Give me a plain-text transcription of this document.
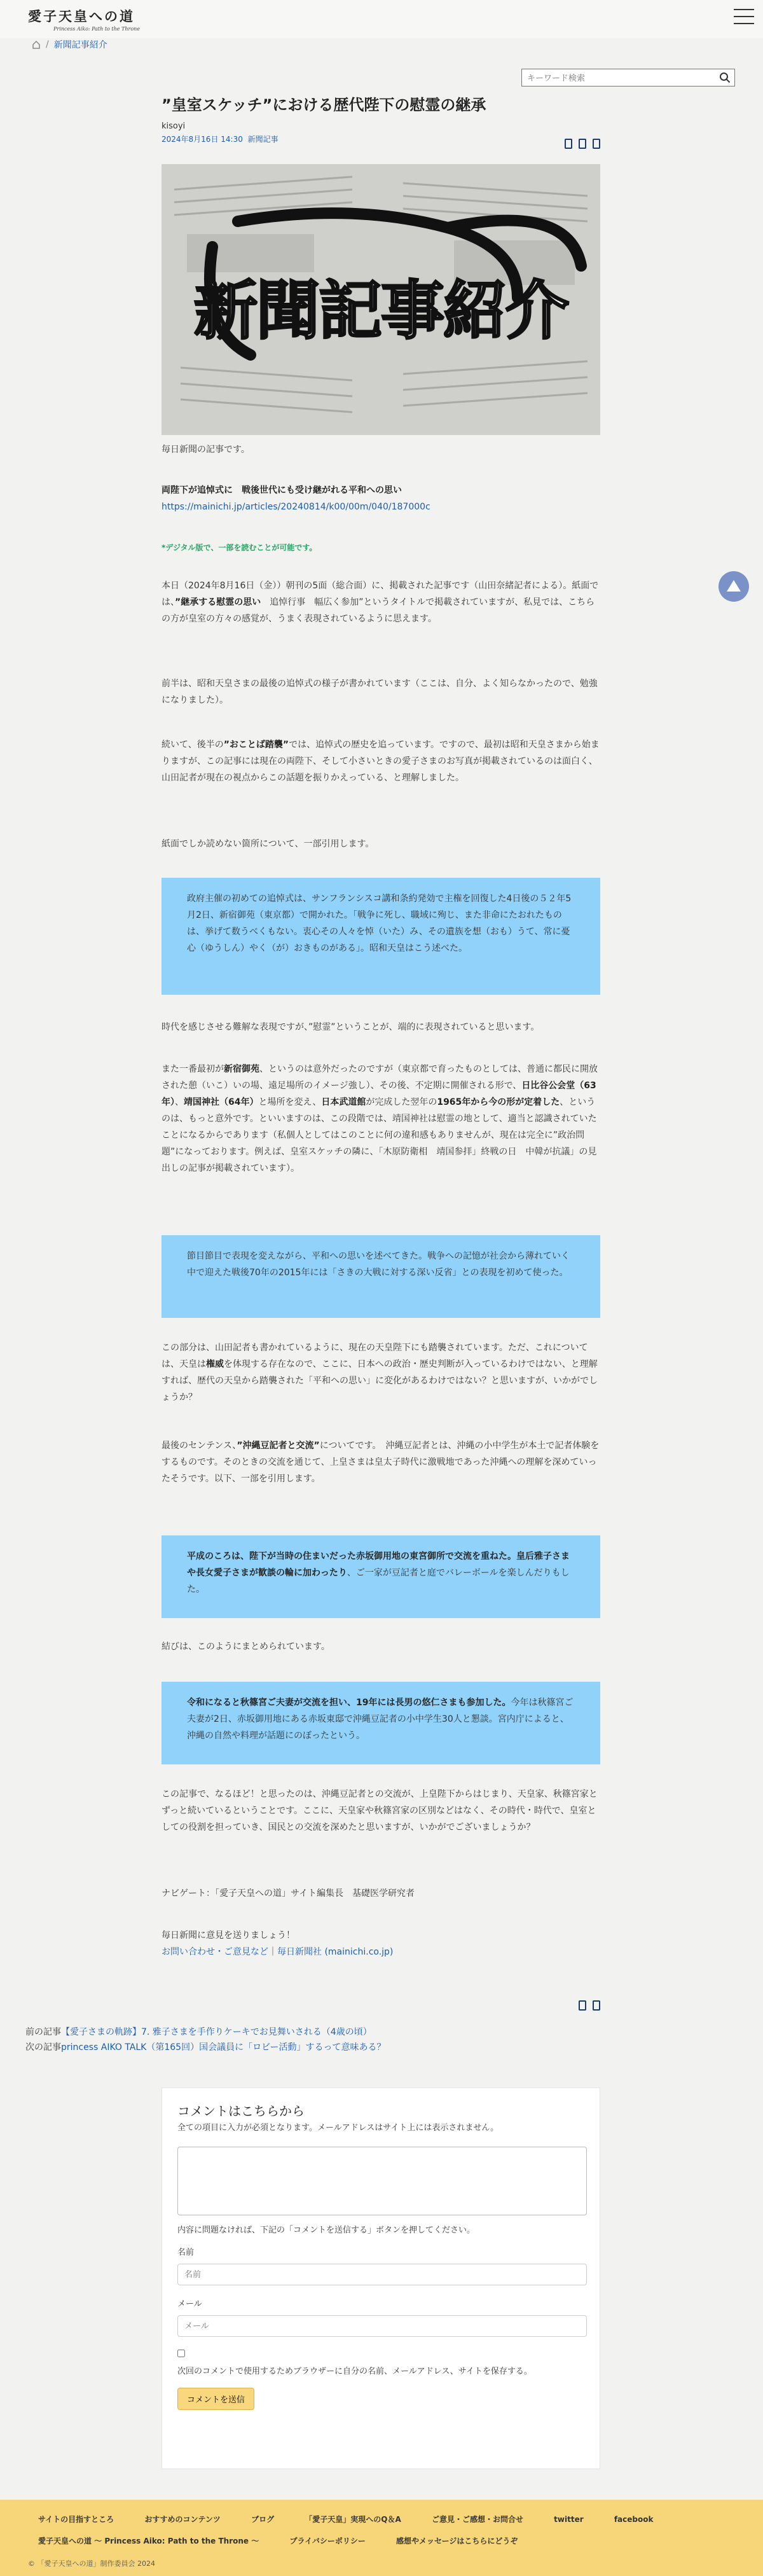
愛子天皇への道
Princess Aiko: Path to the Throne
/ 新聞記事紹介
キーワード検索
”皇室スケッチ”における歴代陛下の慰霊の継承
kisoyi
2024年8月16日 14:30 新聞記事
新聞記事紹介

毎日新聞の記事です。

両陛下が追悼式に　戦後世代にも受け継がれる平和への思い

https://mainichi.jp/articles/20240814/k00/00m/040/187000c

*デジタル版で、一部を読むことが可能です。

本日（2024年8月16日（金））朝刊の5面（総合面）に、掲載された記事です（山田奈緒記者による）。紙面では、”継承する慰霊の思い　追悼行事　幅広く参加”というタイトルで掲載されていますが、私見では、こちらの方が皇室の方々の感覚が、うまく表現されているように思えます。

前半は、昭和天皇さまの最後の追悼式の様子が書かれています（ここは、自分、よく知らなかったので、勉強になりました）。

続いて、後半の”おことば踏襲”では、追悼式の歴史を追っています。ですので、最初は昭和天皇さまから始まりますが、この記事には現在の両陛下、そして小さいときの愛子さまのお写真が掲載されているのは面白く、山田記者が現在の視点からこの話題を振りかえっている、と理解しました。

紙面でしか読めない箇所について、一部引用します。

政府主催の初めての追悼式は、サンフランシスコ講和条約発効で主権を回復した4日後の５２年5月2日、新宿御苑（東京都）で開かれた。「戦争に死し、職域に殉じ、また非命にたおれたものは、挙げて数うべくもない。衷心その人々を悼（いた）み、その遺族を想（おも）うて、常に憂心（ゆうしん）やく（が）おきものがある」。昭和天皇はこう述べた。

時代を感じさせる難解な表現ですが、”慰霊”ということが、端的に表現されていると思います。

また一番最初が新宿御苑、というのは意外だったのですが（東京都で育ったものとしては、普通に都民に開放された憩（いこ）いの場、遠足場所のイメージ強し）、その後、不定期に開催される形で、日比谷公会堂（63年）、靖国神社（64年）と場所を変え、日本武道館が完成した翌年の1965年から今の形が定着した、というのは、もっと意外です。といいますのは、この段階では、靖国神社は慰霊の地として、適当と認識されていたことになるからであります（私個人としてはこのことに何の違和感もありませんが、現在は完全に”政治問題”になっております。例えば、皇室スケッチの隣に、「木原防衛相　靖国参拝」終戦の日　中韓が抗議」の見出しの記事が掲載されています）。

節目節目で表現を変えながら、平和への思いを述べてきた。戦争への記憶が社会から薄れていく中で迎えた戦後70年の2015年には「さきの大戦に対する深い反省」との表現を初めて使った。

この部分は、山田記者も書かれているように、現在の天皇陛下にも踏襲されています。ただ、これについては、天皇は権威を体現する存在なので、ここに、日本への政治・歴史判断が入っているわけではない、と理解すれば、歴代の天皇から踏襲された「平和への思い」に変化があるわけではない？と思いますが、いかがでしょうか？

最後のセンテンス、”沖縄豆記者と交流”についてです。　沖縄豆記者とは、沖縄の小中学生が本土で記者体験をするものです。そのときの交流を通じて、上皇さまは皇太子時代に激戦地であった沖縄への理解を深めていったそうです。以下、一部を引用します。

平成のころは、陛下が当時の住まいだった赤坂御用地の東宮御所で交流を重ねた。皇后雅子さまや長女愛子さまが歓談の輪に加わったり、ご一家が豆記者と庭でバレーボールを楽しんだりもした。

結びは、このようにまとめられています。

令和になると秋篠宮ご夫妻が交流を担い、19年には長男の悠仁さまも参加した。今年は秋篠宮ご夫妻が2日、赤坂御用地にある赤坂東邸で沖縄豆記者の小中学生30人と懇談。宮内庁によると、沖縄の自然や料理が話題にのぼったという。

この記事で、なるほど！と思ったのは、沖縄豆記者との交流が、上皇陛下からはじまり、天皇家、秋篠宮家とずっと続いているということです。ここに、天皇家や秋篠宮家の区別などはなく、その時代・時代で、皇室としての役割を担っていき、国民との交流を深めたと思いますが、いかがでございましょうか？

ナビゲート：「愛子天皇への道」サイト編集長　基礎医学研究者

毎日新聞に意見を送りましょう！

お問い合わせ・ご意見など｜毎日新聞社 (mainichi.co.jp)

前の記事【愛子さまの軌跡】7. 雅子さまを手作りケーキでお見舞いされる（4歳の頃）
次の記事princess AIKO TALK（第165回）国会議員に「ロビー活動」するって意味ある？
コメントはこちらから
全ての項目に入力が必須となります。メールアドレスはサイト上には表示されません。
内容に問題なければ、下記の「コメントを送信する」ボタンを押してください。
名前
名前
メール
メール
次回のコメントで使用するためブラウザーに自分の名前、メールアドレス、サイトを保存する。
コメントを送信
サイトの目指すところ	おすすめのコンテンツ	ブログ	「愛子天皇」実現へのQ＆A	ご意見・ご感想・お問合せ	twitter	facebook 愛子天皇への道 〜 Princess Aiko: Path to the Throne 〜	プライバシーポリシー	感想やメッセージはこちらにどうぞ
© 「愛子天皇への道」制作委員会 2024
